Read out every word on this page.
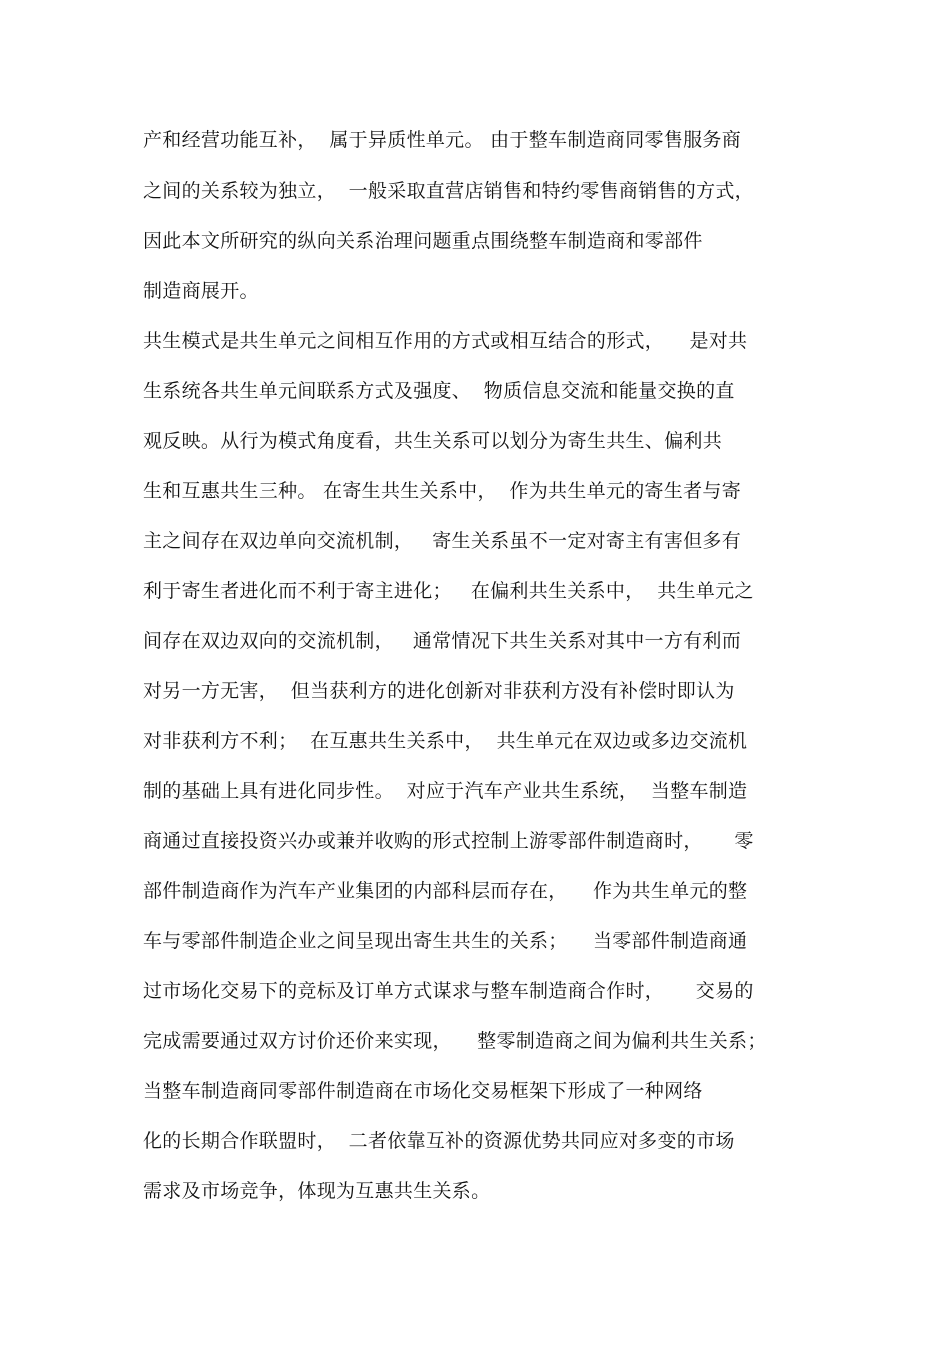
产和经营功能互补，  属于异质性单元。 由于整车制造商同零售服务商
之间的关系较为独立，  一般采取直营店销售和特约零售商销售的方式，
因此本文所研究的纵向关系治理问题重点围绕整车制造商和零部件
制造商展开。
共生模式是共生单元之间相互作用的方式或相互结合的形式，    是对共
生系统各共生单元间联系方式及强度、  物质信息交流和能量交换的直
观反映。从行为模式角度看，共生关系可以划分为寄生共生、偏利共
生和互惠共生三种。 在寄生共生关系中，  作为共生单元的寄生者与寄
主之间存在双边单向交流机制，   寄生关系虽不一定对寄主有害但多有
利于寄生者进化而不利于寄主进化；   在偏利共生关系中，  共生单元之
间存在双边双向的交流机制，   通常情况下共生关系对其中一方有利而
对另一方无害，  但当获利方的进化创新对非获利方没有补偿时即认为
对非获利方不利；  在互惠共生关系中，  共生单元在双边或多边交流机
制的基础上具有进化同步性。  对应于汽车产业共生系统，  当整车制造
商通过直接投资兴办或兼并收购的形式控制上游零部件制造商时，     零
部件制造商作为汽车产业集团的内部科层而存在，    作为共生单元的整
车与零部件制造企业之间呈现出寄生共生的关系；    当零部件制造商通
过市场化交易下的竞标及订单方式谋求与整车制造商合作时，     交易的
完成需要通过双方讨价还价来实现，    整零制造商之间为偏利共生关系；
当整车制造商同零部件制造商在市场化交易框架下形成了一种网络
化的长期合作联盟时，  二者依靠互补的资源优势共同应对多变的市场
需求及市场竞争，体现为互惠共生关系。
